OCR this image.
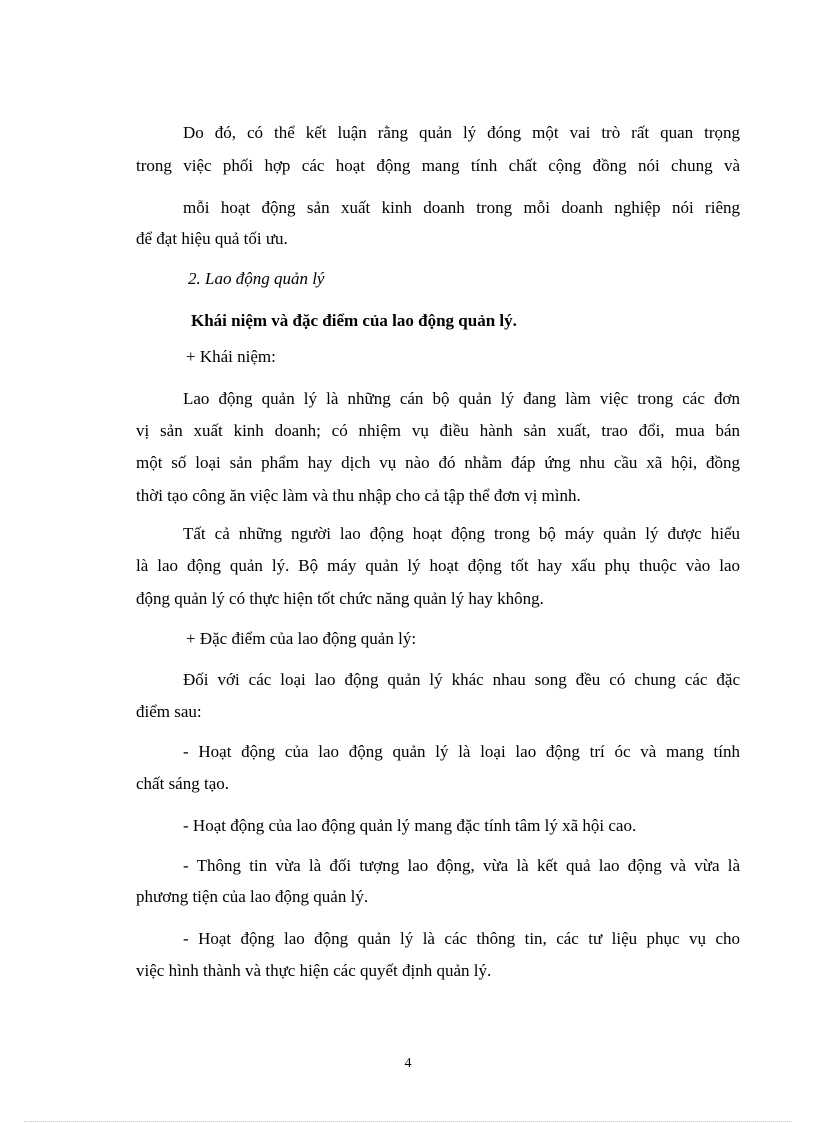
Do đó, có thể kết luận rằng quản lý đóng một vai trò rất quan trọng
trong việc phối hợp các hoạt động mang tính chất cộng đồng nói chung và
mỗi hoạt động sản xuất kinh doanh trong mỗi doanh nghiệp nói riêng
để đạt hiệu quả tối ưu.
2. Lao động quản lý
Khái niệm và đặc điểm của lao động quản lý.
+ Khái niệm:
Lao động quản lý là những cán bộ quản lý đang làm việc trong các đơn
vị sản xuất kinh doanh; có nhiệm vụ điều hành sản xuất, trao đổi, mua bán
một số loại sản phẩm hay dịch vụ nào đó nhằm đáp ứng nhu cầu xã hội, đồng
thời tạo công ăn việc làm và thu nhập cho cả tập thể đơn vị mình.
Tất cả những người lao động hoạt động trong bộ máy quản lý được hiểu
là lao động quản lý. Bộ máy quản lý hoạt động tốt hay xấu phụ thuộc vào lao
động quản lý có thực hiện tốt chức năng quản lý hay không.
+ Đặc điểm của lao động quản lý:
Đối với các loại lao động quản lý khác nhau song đều có chung các đặc
điểm sau:
- Hoạt động của lao động quản lý là loại lao động trí óc và mang tính
chất sáng tạo.
- Hoạt động của lao động quản lý mang đặc tính tâm lý xã hội cao.
- Thông tin vừa là đối tượng lao động, vừa là kết quả lao động và vừa là
phương tiện của lao động quản lý.
- Hoạt động lao động quản lý là các thông tin, các tư liệu phục vụ cho
việc hình thành và thực hiện các quyết định quản lý.
4
